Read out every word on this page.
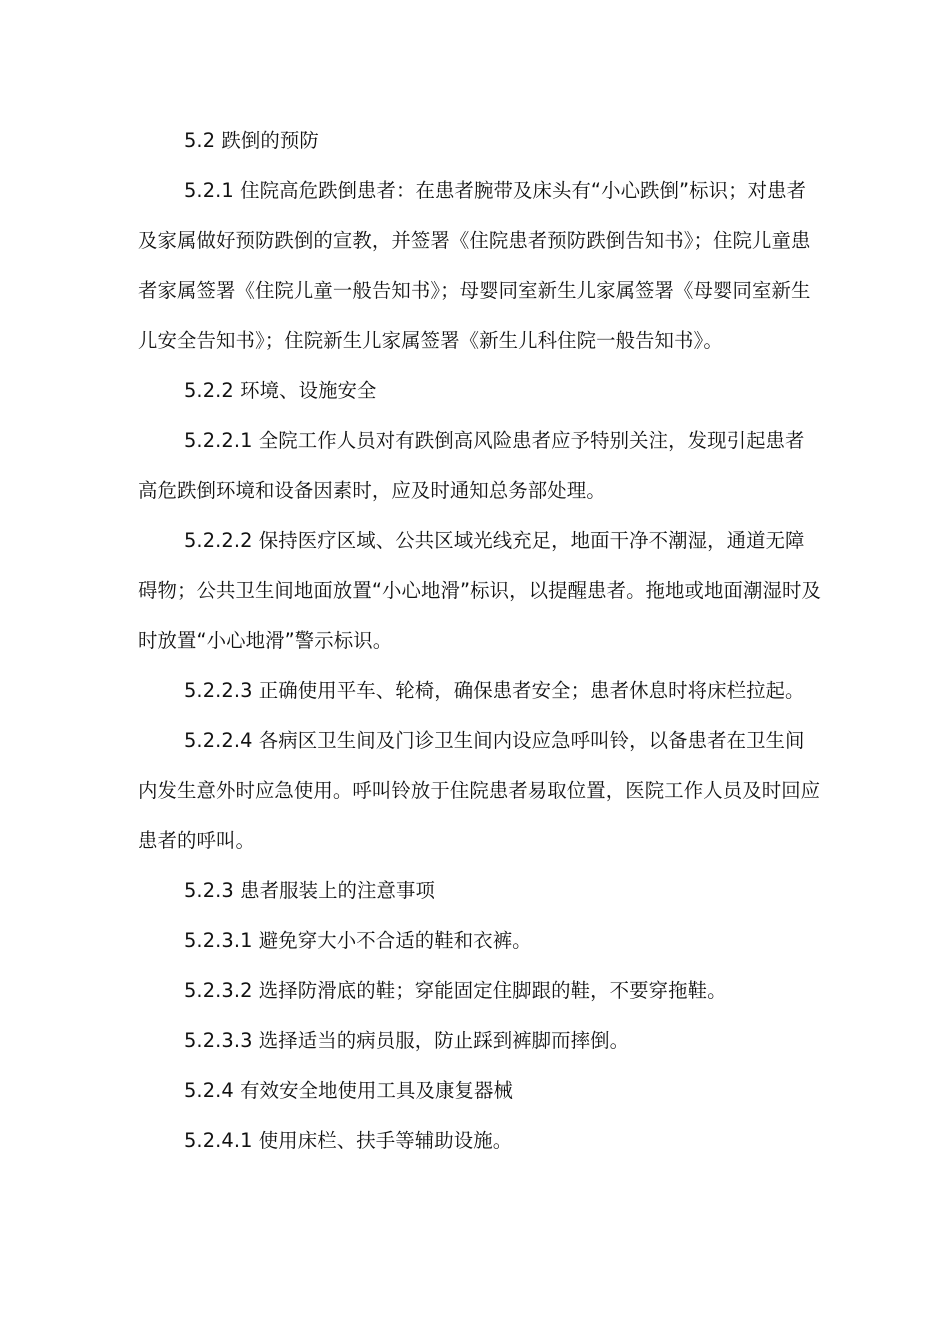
5.2 跌倒的预防

5.2.1 住院高危跌倒患者：在患者腕带及床头有“小心跌倒”标识；对患者及家属做好预防跌倒的宣教，并签署《住院患者预防跌倒告知书》；住院儿童患者家属签署《住院儿童一般告知书》；母婴同室新生儿家属签署《母婴同室新生儿安全告知书》；住院新生儿家属签署《新生儿科住院一般告知书》。

5.2.2 环境、设施安全

5.2.2.1 全院工作人员对有跌倒高风险患者应予特别关注，发现引起患者高危跌倒环境和设备因素时，应及时通知总务部处理。

5.2.2.2 保持医疗区域、公共区域光线充足，地面干净不潮湿，通道无障碍物；公共卫生间地面放置“小心地滑”标识，以提醒患者。拖地或地面潮湿时及时放置“小心地滑”警示标识。

5.2.2.3 正确使用平车、轮椅，确保患者安全；患者休息时将床栏拉起。

5.2.2.4 各病区卫生间及门诊卫生间内设应急呼叫铃，以备患者在卫生间内发生意外时应急使用。呼叫铃放于住院患者易取位置，医院工作人员及时回应患者的呼叫。

5.2.3 患者服装上的注意事项

5.2.3.1 避免穿大小不合适的鞋和衣裤。

5.2.3.2 选择防滑底的鞋；穿能固定住脚跟的鞋，不要穿拖鞋。

5.2.3.3 选择适当的病员服，防止踩到裤脚而摔倒。

5.2.4 有效安全地使用工具及康复器械

5.2.4.1 使用床栏、扶手等辅助设施。
